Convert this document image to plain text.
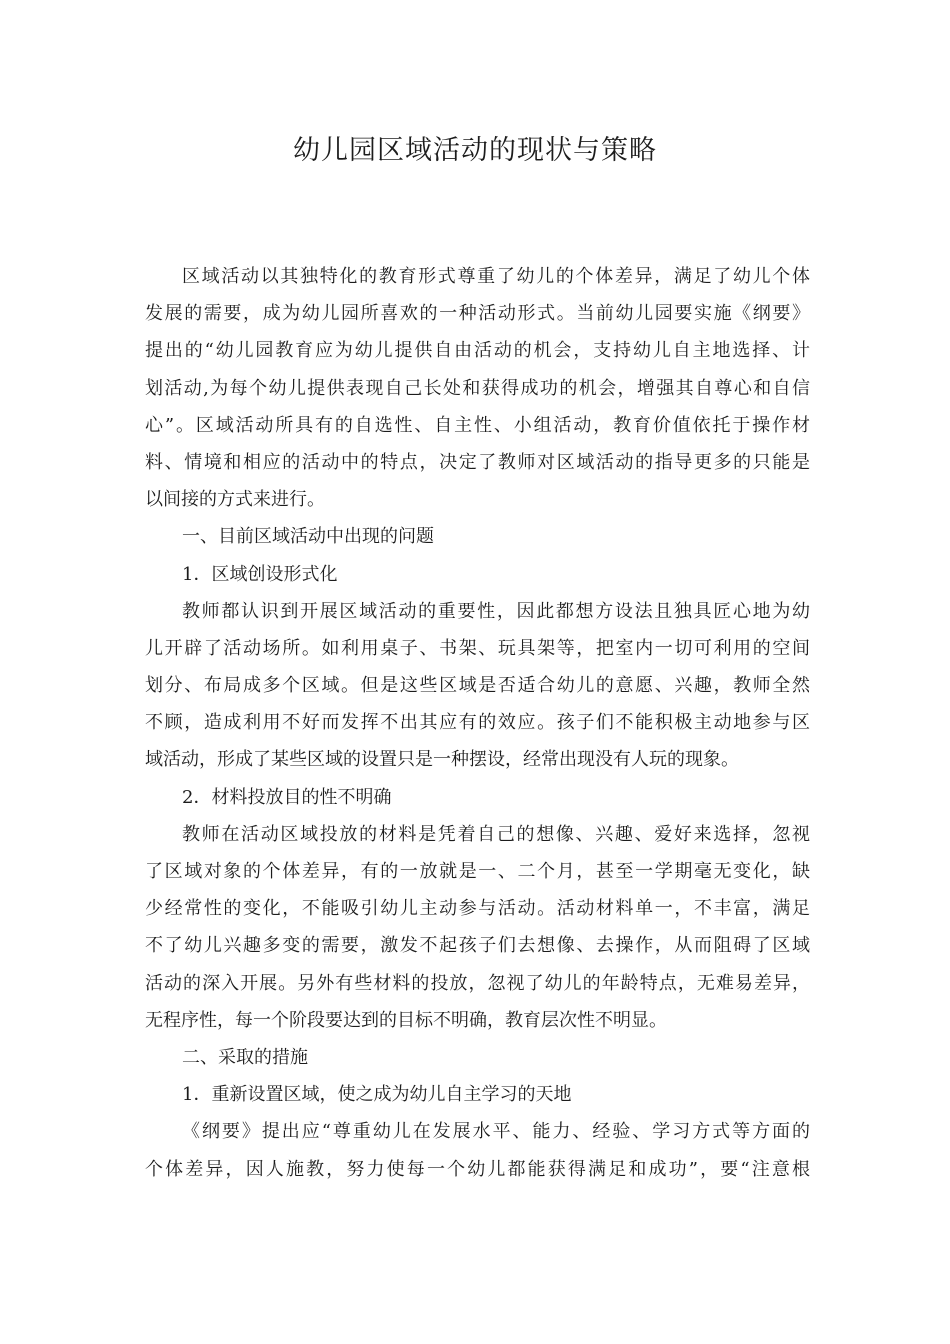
幼儿园区域活动的现状与策略
区域活动以其独特化的教育形式尊重了幼儿的个体差异，满足了幼儿个体
发展的需要，成为幼儿园所喜欢的一种活动形式。当前幼儿园要实施《纲要》
提出的“幼儿园教育应为幼儿提供自由活动的机会，支持幼儿自主地选择、计
划活动,为每个幼儿提供表现自己长处和获得成功的机会，增强其自尊心和自信
心”。区域活动所具有的自选性、自主性、小组活动，教育价值依托于操作材
料、情境和相应的活动中的特点，决定了教师对区域活动的指导更多的只能是
以间接的方式来进行。
一、目前区域活动中出现的问题
1．区域创设形式化
教师都认识到开展区域活动的重要性，因此都想方设法且独具匠心地为幼
儿开辟了活动场所。如利用桌子、书架、玩具架等，把室内一切可利用的空间
划分、布局成多个区域。但是这些区域是否适合幼儿的意愿、兴趣，教师全然
不顾，造成利用不好而发挥不出其应有的效应。孩子们不能积极主动地参与区
域活动，形成了某些区域的设置只是一种摆设，经常出现没有人玩的现象。
2．材料投放目的性不明确
教师在活动区域投放的材料是凭着自己的想像、兴趣、爱好来选择，忽视
了区域对象的个体差异，有的一放就是一、二个月，甚至一学期毫无变化，缺
少经常性的变化，不能吸引幼儿主动参与活动。活动材料单一，不丰富，满足
不了幼儿兴趣多变的需要，激发不起孩子们去想像、去操作，从而阻碍了区域
活动的深入开展。另外有些材料的投放，忽视了幼儿的年龄特点，无难易差异，
无程序性，每一个阶段要达到的目标不明确，教育层次性不明显。
二、采取的措施
1．重新设置区域，使之成为幼儿自主学习的天地
《纲要》提出应“尊重幼儿在发展水平、能力、经验、学习方式等方面的
个体差异，因人施教，努力使每一个幼儿都能获得满足和成功”，要“注意根
